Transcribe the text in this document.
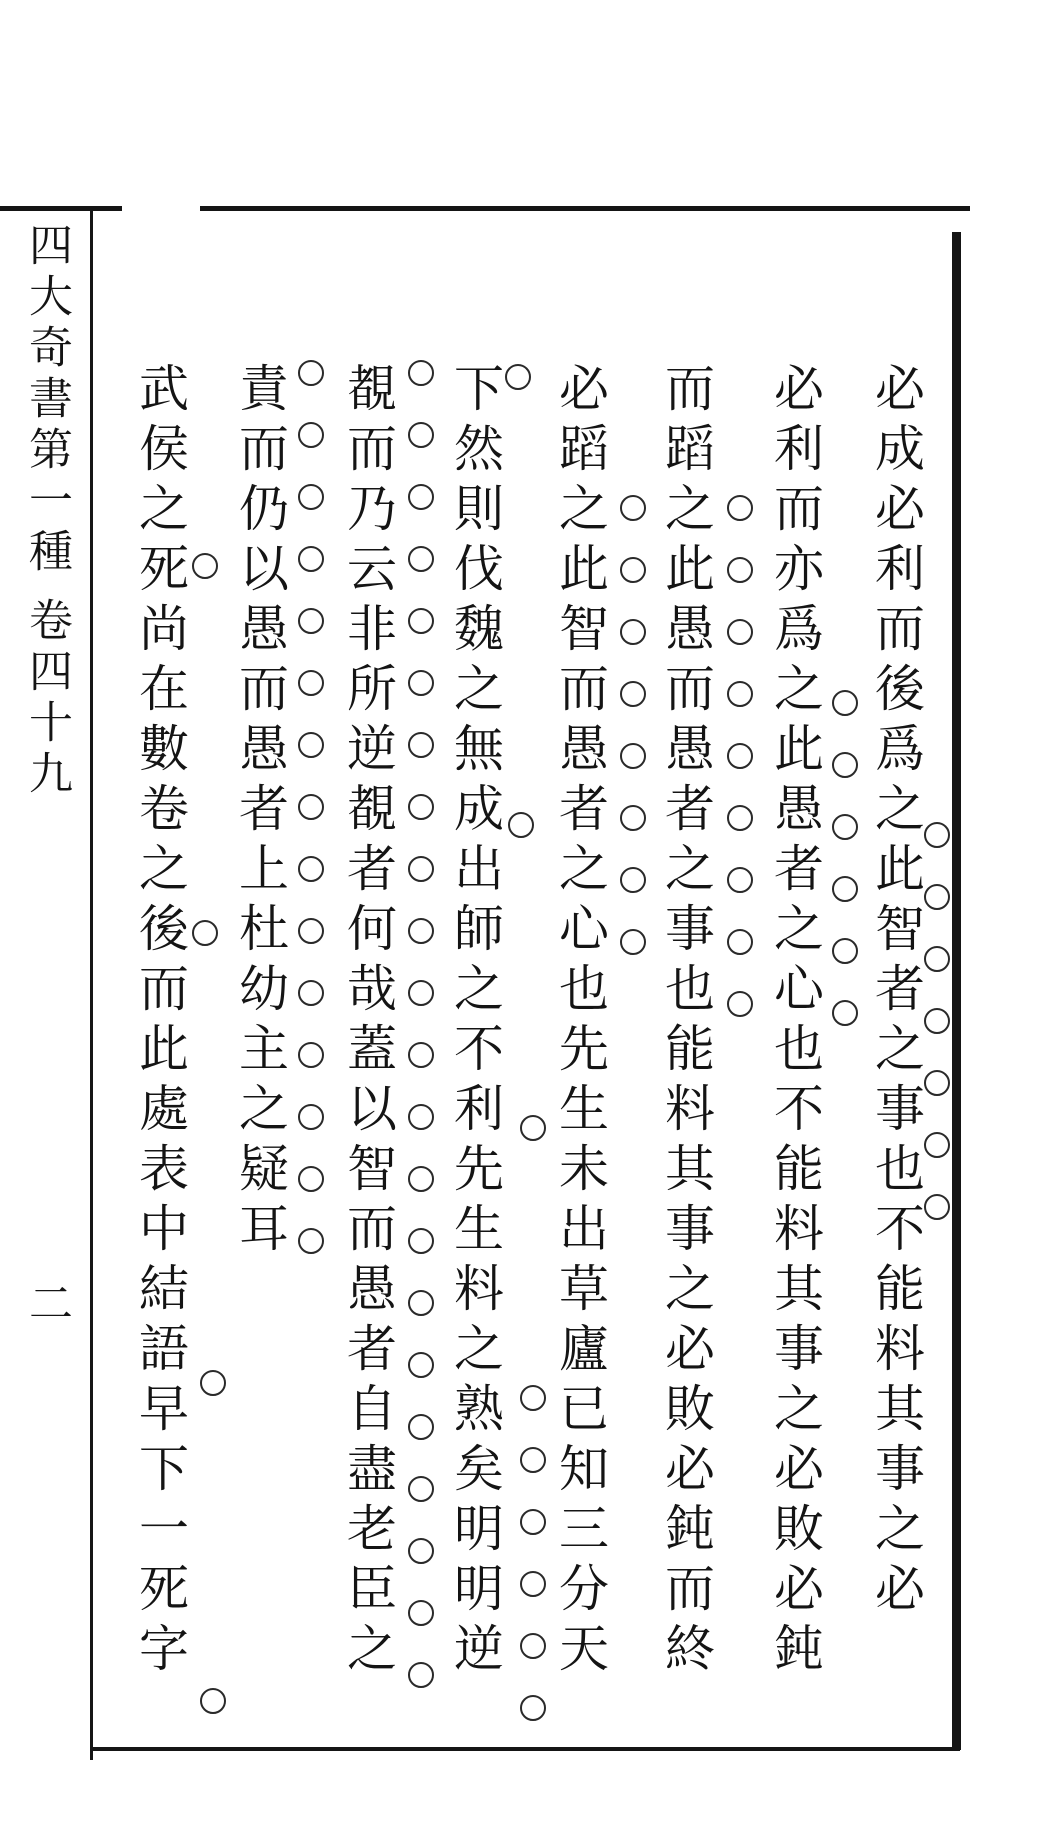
四大奇書第一種卷四十九
二	必成必利而後爲之此智者之事也不能料其事之必
必利而亦爲之此愚者之心也不能料其事之必敗必鈍
而蹈之此愚而愚者之事也能料其事之必敗必鈍而終
必蹈之此智而愚者之心也先生未出草廬已知三分天
下然則伐魏之無成出師之不利先生料之熟矣明明逆
覩而乃云非所逆覩者何哉蓋以智而愚者自盡老臣之
責而仍以愚而愚者上杜幼主之疑耳
武侯之死尚在數卷之後而此處表中結語早下一死字
